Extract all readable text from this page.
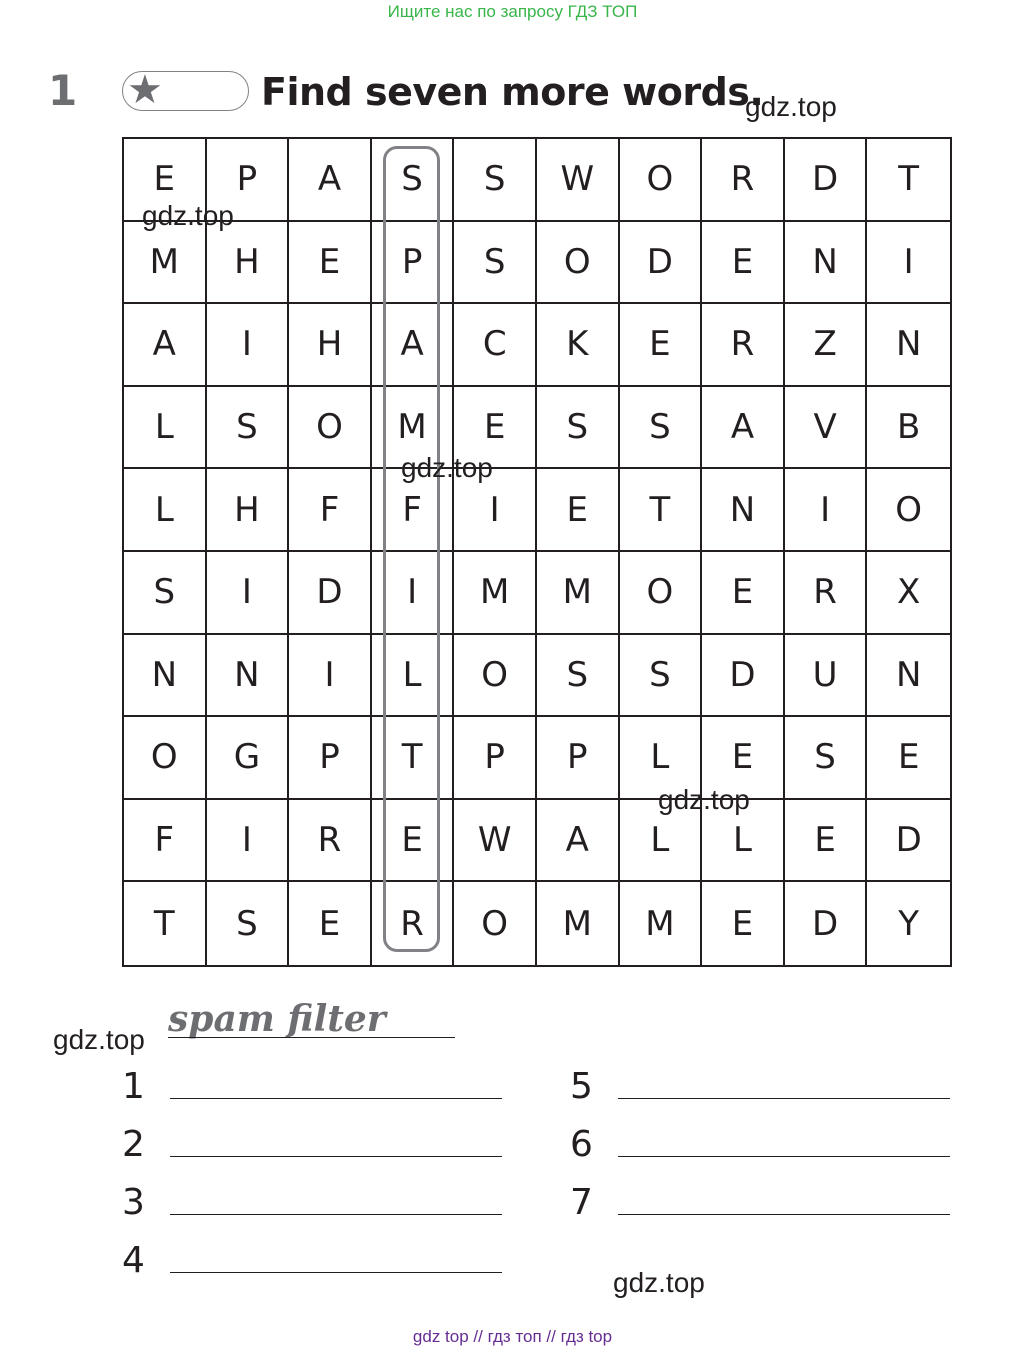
Ищите нас по запросу ГДЗ ТОП
1 ★	Find seven more words.
E	P	A	S	S	W	O	R	D	T
M	H	E	P	S	O	D	E	N	I
A	I	H	A	C	K	E	R	Z	N
L	S	O	M	E	S	S	A	V	B
L	H	F	F	I	E	T	N	I	O
S	I	D	I	M	M	O	E	R	X
N	N	I	L	O	S	S	D	U	N
O	G	P	T	P	P	L	E	S	E
F	I	R	E	W	A	L	L	E	D
T	S	E	R	O	M	M	E	D	Y
gdz.top
gdz.top
gdz.top
gdz.top
gdz.top
gdz.top
spam filter
1
2
3
4
5
6
7
gdz top // гдз топ // гдз top
